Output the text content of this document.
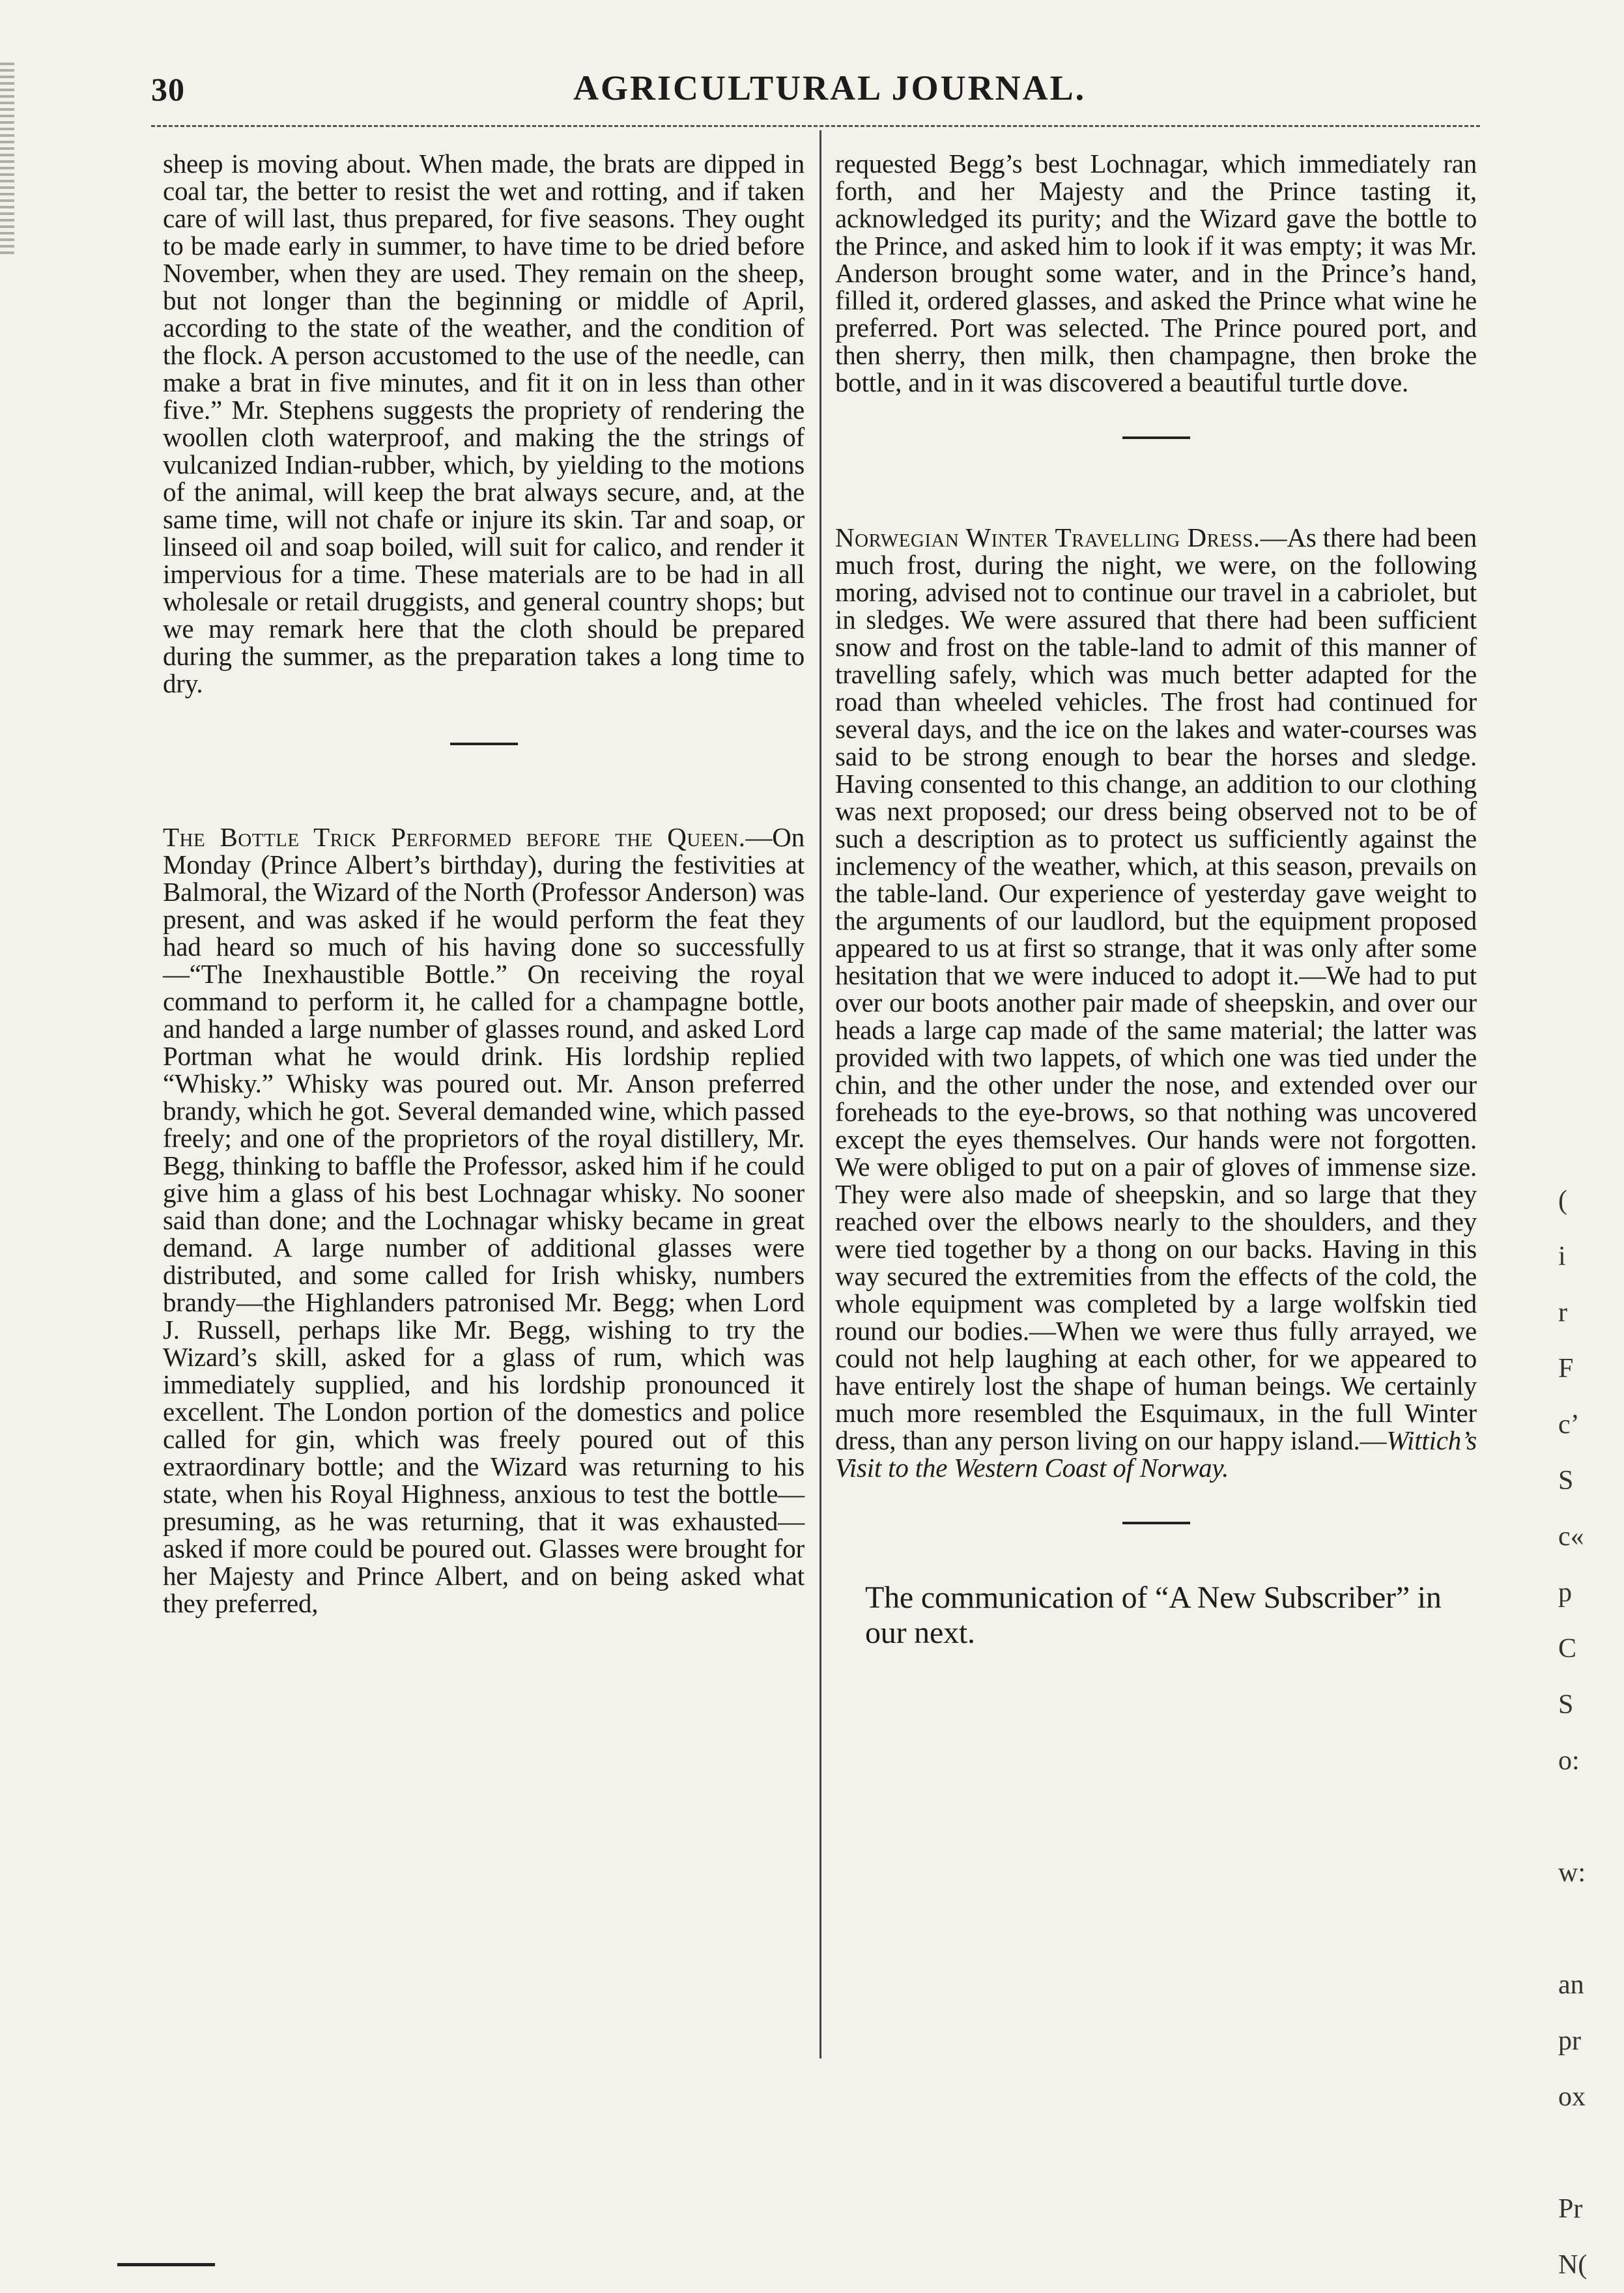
30	AGRICULTURAL JOURNAL.

sheep is moving about. When made, the brats are dipped in coal tar, the better to resist the wet and rotting, and if taken care of will last, thus prepared, for five seasons. They ought to be made early in summer, to have time to be dried before November, when they are used. They remain on the sheep, but not longer than the beginning or middle of April, according to the state of the weather, and the condition of the flock. A person accustomed to the use of the needle, can make a brat in five minutes, and fit it on in less than other five.” Mr. Stephens suggests the propriety of rendering the woollen cloth waterproof, and making the the strings of vulcanized Indian-rubber, which, by yielding to the motions of the animal, will keep the brat always secure, and, at the same time, will not chafe or injure its skin. Tar and soap, or linseed oil and soap boiled, will suit for calico, and render it impervious for a time. These materials are to be had in all wholesale or retail druggists, and general country shops; but we may remark here that the cloth should be prepared during the summer, as the preparation takes a long time to dry.

The Bottle Trick Performed before the Queen.—On Monday (Prince Albert’s birthday), during the festivities at Balmoral, the Wizard of the North (Professor Anderson) was present, and was asked if he would perform the feat they had heard so much of his having done so successfully —“The Inexhaustible Bottle.” On receiving the royal command to perform it, he called for a champagne bottle, and handed a large number of glasses round, and asked Lord Portman what he would drink. His lordship replied “Whisky.” Whisky was poured out. Mr. Anson preferred brandy, which he got. Several demanded wine, which passed freely; and one of the proprietors of the royal distillery, Mr. Begg, thinking to baffle the Professor, asked him if he could give him a glass of his best Lochnagar whisky. No sooner said than done; and the Lochnagar whisky became in great demand. A large number of additional glasses were distributed, and some called for Irish whisky, numbers brandy—the Highlanders patronised Mr. Begg; when Lord J. Russell, perhaps like Mr. Begg, wishing to try the Wizard’s skill, asked for a glass of rum, which was immediately supplied, and his lordship pronounced it excellent. The London portion of the domestics and police called for gin, which was freely poured out of this extraordinary bottle; and the Wizard was returning to his state, when his Royal Highness, anxious to test the bottle—presuming, as he was returning, that it was exhausted—asked if more could be poured out. Glasses were brought for her Majesty and Prince Albert, and on being asked what they preferred,

requested Begg’s best Lochnagar, which immediately ran forth, and her Majesty and the Prince tasting it, acknowledged its purity; and the Wizard gave the bottle to the Prince, and asked him to look if it was empty; it was Mr. Anderson brought some water, and in the Prince’s hand, filled it, ordered glasses, and asked the Prince what wine he preferred. Port was selected. The Prince poured port, and then sherry, then milk, then champagne, then broke the bottle, and in it was discovered a beautiful turtle dove.

Norwegian Winter Travelling Dress.—As there had been much frost, during the night, we were, on the following moring, advised not to continue our travel in a cabriolet, but in sledges. We were assured that there had been sufficient snow and frost on the table-land to admit of this manner of travelling safely, which was much better adapted for the road than wheeled vehicles. The frost had continued for several days, and the ice on the lakes and water-courses was said to be strong enough to bear the horses and sledge. Having consented to this change, an addition to our clothing was next proposed; our dress being observed not to be of such a description as to protect us sufficiently against the inclemency of the weather, which, at this season, prevails on the table-land. Our experience of yesterday gave weight to the arguments of our laudlord, but the equipment proposed appeared to us at first so strange, that it was only after some hesitation that we were induced to adopt it.—We had to put over our boots another pair made of sheepskin, and over our heads a large cap made of the same material; the latter was provided with two lappets, of which one was tied under the chin, and the other under the nose, and extended over our foreheads to the eye-brows, so that nothing was uncovered except the eyes themselves. Our hands were not forgotten. We were obliged to put on a pair of gloves of immense size. They were also made of sheepskin, and so large that they reached over the elbows nearly to the shoulders, and they were tied together by a thong on our backs. Having in this way secured the extremities from the effects of the cold, the whole equipment was completed by a large wolfskin tied round our bodies.—When we were thus fully arrayed, we could not help laughing at each other, for we appeared to have entirely lost the shape of human beings. We certainly much more resembled the Esquimaux, in the full Winter dress, than any person living on our happy island.—Wittich’s Visit to the Western Coast of Norway.

The communication of “A New Subscriber” in our next.

(
i
r
F
c’
S
c«
p
C
S
o:

w:

an
pr
ox

Pr
N(
